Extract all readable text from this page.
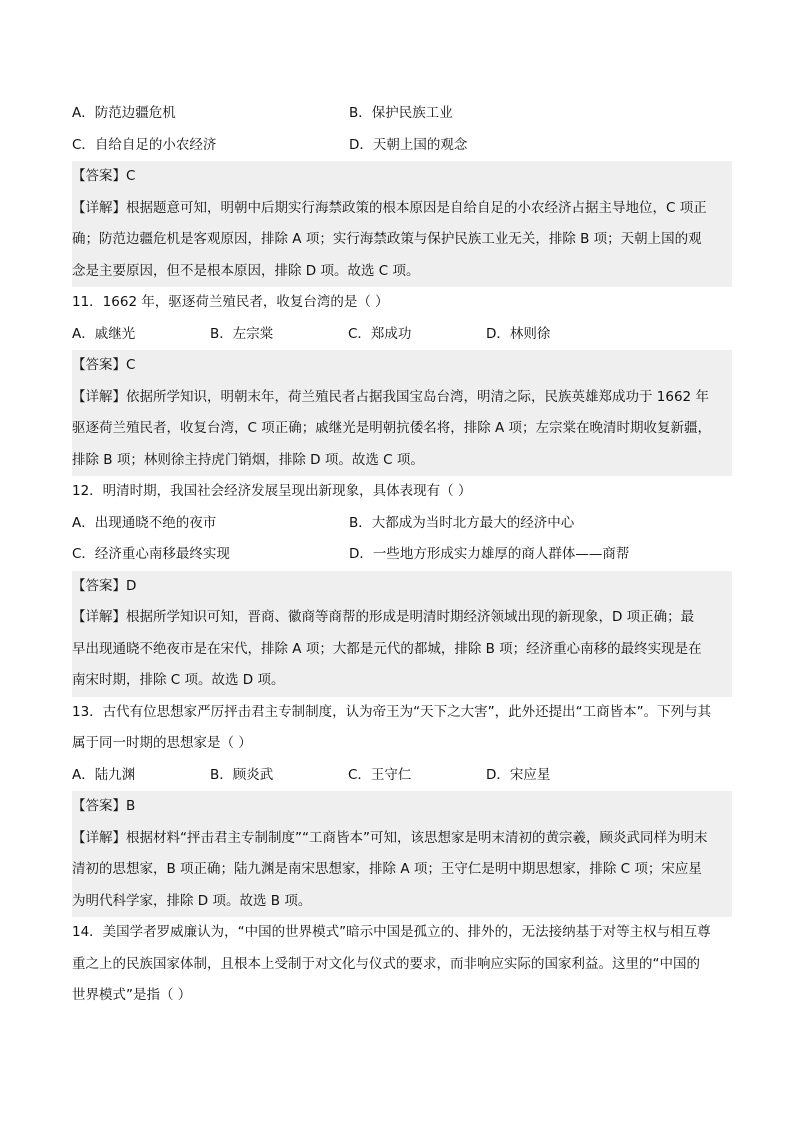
A．防范边疆危机	B．保护民族工业
C．自给自足的小农经济	D．天朝上国的观念
【答案】C
【详解】根据题意可知，明朝中后期实行海禁政策的根本原因是自给自足的小农经济占据主导地位，C 项正
确；防范边疆危机是客观原因，排除 A 项；实行海禁政策与保护民族工业无关，排除 B 项；天朝上国的观
念是主要原因，但不是根本原因，排除 D 项。故选 C 项。
11．1662 年，驱逐荷兰殖民者，收复台湾的是（ ）
A．戚继光	B．左宗棠	C．郑成功	D．林则徐
【答案】C
【详解】依据所学知识，明朝末年，荷兰殖民者占据我国宝岛台湾，明清之际，民族英雄郑成功于 1662 年
驱逐荷兰殖民者，收复台湾，C 项正确；戚继光是明朝抗倭名将，排除 A 项；左宗棠在晚清时期收复新疆，
排除 B 项；林则徐主持虎门销烟，排除 D 项。故选 C 项。
12．明清时期，我国社会经济发展呈现出新现象，具体表现有（ ）
A．出现通晓不绝的夜市	B．大都成为当时北方最大的经济中心
C．经济重心南移最终实现	D．一些地方形成实力雄厚的商人群体——商帮
【答案】D
【详解】根据所学知识可知，晋商、徽商等商帮的形成是明清时期经济领域出现的新现象，D 项正确；最
早出现通晓不绝夜市是在宋代，排除 A 项；大都是元代的都城，排除 B 项；经济重心南移的最终实现是在
南宋时期，排除 C 项。故选 D 项。
13．古代有位思想家严厉抨击君主专制制度，认为帝王为“天下之大害”，此外还提出“工商皆本”。下列与其
属于同一时期的思想家是（ ）
A．陆九渊	B．顾炎武	C．王守仁	D．宋应星
【答案】B
【详解】根据材料“抨击君主专制制度”“工商皆本”可知，该思想家是明末清初的黄宗羲，顾炎武同样为明末
清初的思想家，B 项正确；陆九渊是南宋思想家，排除 A 项；王守仁是明中期思想家，排除 C 项；宋应星
为明代科学家，排除 D 项。故选 B 项。
14．美国学者罗威廉认为，“中国的世界模式”暗示中国是孤立的、排外的，无法接纳基于对等主权与相互尊
重之上的民族国家体制，且根本上受制于对文化与仪式的要求，而非响应实际的国家利益。这里的“中国的
世界模式”是指（ ）
